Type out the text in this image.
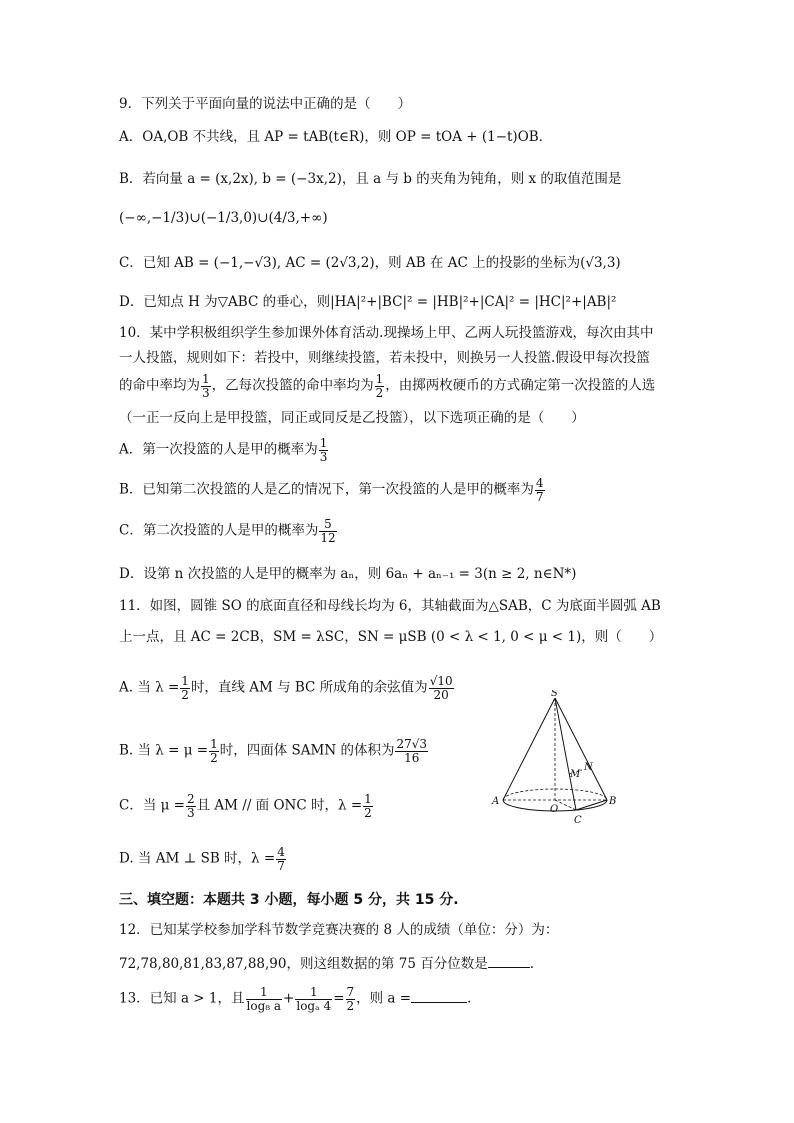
9．下列关于平面向量的说法中正确的是（　　）
A．OA,OB 不共线，且 AP = tAB(t∈R)，则 OP = tOA + (1−t)OB．
B．若向量 a = (x,2x), b = (−3x,2)，且 a 与 b 的夹角为钝角，则 x 的取值范围是
(−∞,−1/3)∪(−1/3,0)∪(4/3,+∞)
C．已知 AB = (−1,−√3), AC = (2√3,2)，则 AB 在 AC 上的投影的坐标为(√3,3)
D．已知点 H 为▽ABC 的垂心，则|HA|²+|BC|² = |HB|²+|CA|² = |HC|²+|AB|²
10．某中学积极组织学生参加课外体育活动.现操场上甲、乙两人玩投篮游戏，每次由其中
一人投篮，规则如下：若投中，则继续投篮，若未投中，则换另一人投篮.假设甲每次投篮
的命中率均为 $\frac{1}{3}$ ，乙每次投篮的命中率均为 $\frac{1}{2}$ ，由掷两枚硬币的方式确定第一次投篮的人选
（一正一反向上是甲投篮，同正或同反是乙投篮），以下选项正确的是（　　）
A．第一次投篮的人是甲的概率为 $\frac{1}{3}$
B．已知第二次投篮的人是乙的情况下，第一次投篮的人是甲的概率为 $\frac{4}{7}$
C．第二次投篮的人是甲的概率为 $\frac{5}{12}$
D．设第 n 次投篮的人是甲的概率为 aₙ，则 6aₙ + aₙ₋₁ = 3(n ≥ 2, n∈N*)
11．如图，圆锥 SO 的底面直径和母线长均为 6，其轴截面为△SAB，C 为底面半圆弧 AB
上一点，且 AC = 2CB，SM = λSC，SN = μSB (0 < λ < 1, 0 < μ < 1)，则（　　）
A. 当 $\lambda = \frac{1}{2}$ 时，直线 AM 与 BC 所成角的余弦值为 $\frac{√10}{20}$
B. 当 $\lambda = \mu = \frac{1}{2}$ 时，四面体 SAMN 的体积为 $\frac{27√3}{16}$
C．当 $\mu = \frac{2}{3}$ 且 AM // 面 ONC 时，$\lambda = \frac{1}{2}$
D. 当 AM ⊥ SB 时，$\lambda = \frac{4}{7}$
S
A	B
O
C
M
N
三、填空题：本题共 3 小题，每小题 5 分，共 15 分.
12．已知某学校参加学科节数学竞赛决赛的 8 人的成绩（单位：分）为：
72,78,80,81,83,87,88,90，则这组数据的第 75 百分位数是	.
13．已知 a > 1，且 $\frac{1}{\text{log₈ a}} + \frac{1}{\text{logₐ 4}} = \frac{7}{2}$ ，则 a =	.
